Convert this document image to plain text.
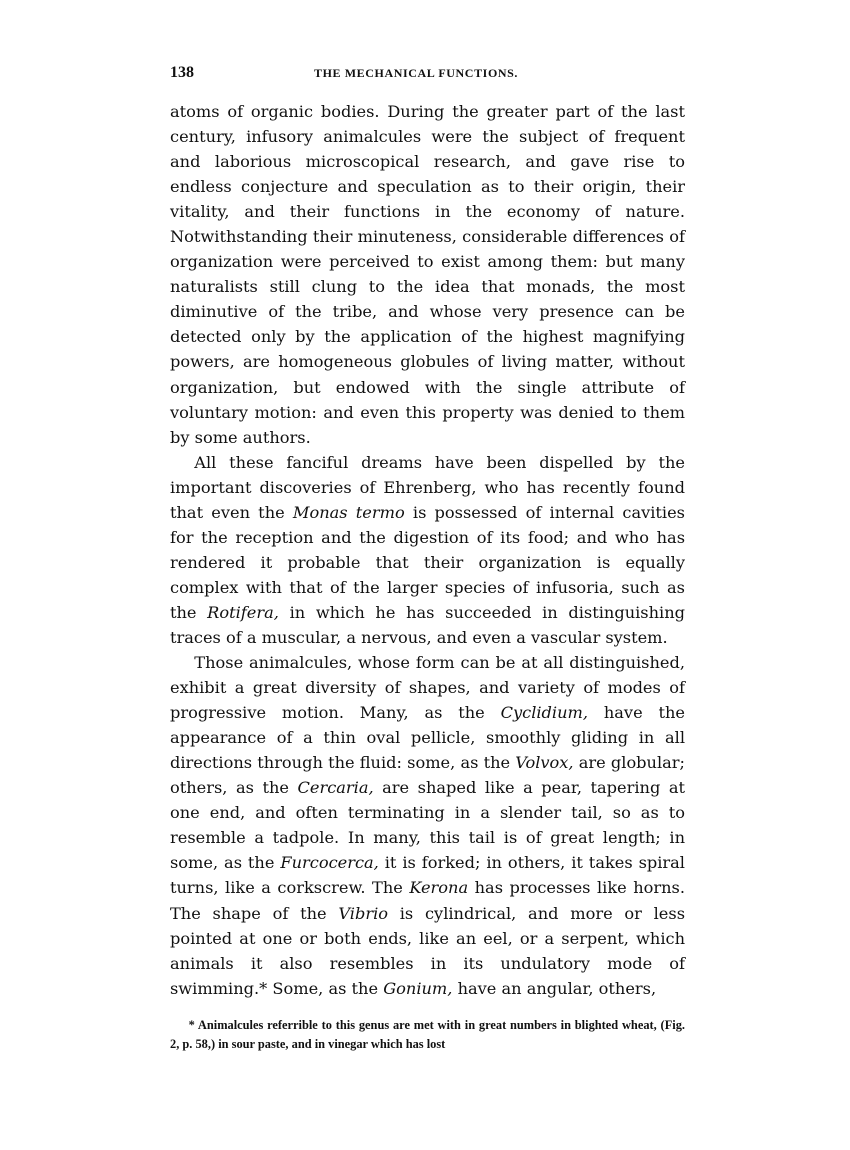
138	THE MECHANICAL FUNCTIONS.

atoms of organic bodies. During the greater part of the last century, infusory animalcules were the subject of frequent and laborious microscopical research, and gave rise to endless conjecture and speculation as to their origin, their vitality, and their functions in the economy of nature. Notwithstanding their minuteness, considerable differences of organization were perceived to exist among them: but many naturalists still clung to the idea that monads, the most diminutive of the tribe, and whose very presence can be detected only by the application of the highest magnifying powers, are homogeneous globules of living matter, without organization, but endowed with the single attribute of voluntary motion: and even this property was denied to them by some authors.

All these fanciful dreams have been dispelled by the important discoveries of Ehrenberg, who has recently found that even the Monas termo is possessed of internal cavities for the reception and the digestion of its food; and who has rendered it probable that their organization is equally complex with that of the larger species of infusoria, such as the Rotifera, in which he has succeeded in distinguishing traces of a muscular, a nervous, and even a vascular system.

Those animalcules, whose form can be at all distinguished, exhibit a great diversity of shapes, and variety of modes of progressive motion. Many, as the Cyclidium, have the appearance of a thin oval pellicle, smoothly gliding in all directions through the fluid: some, as the Volvox, are globular; others, as the Cercaria, are shaped like a pear, tapering at one end, and often terminating in a slender tail, so as to resemble a tadpole. In many, this tail is of great length; in some, as the Furcocerca, it is forked; in others, it takes spiral turns, like a corkscrew. The Kerona has processes like horns. The shape of the Vibrio is cylindrical, and more or less pointed at one or both ends, like an eel, or a serpent, which animals it also resembles in its undulatory mode of swimming.* Some, as the Gonium, have an angular, others,

* Animalcules referrible to this genus are met with in great numbers in blighted wheat, (Fig. 2, p. 58,) in sour paste, and in vinegar which has lost
